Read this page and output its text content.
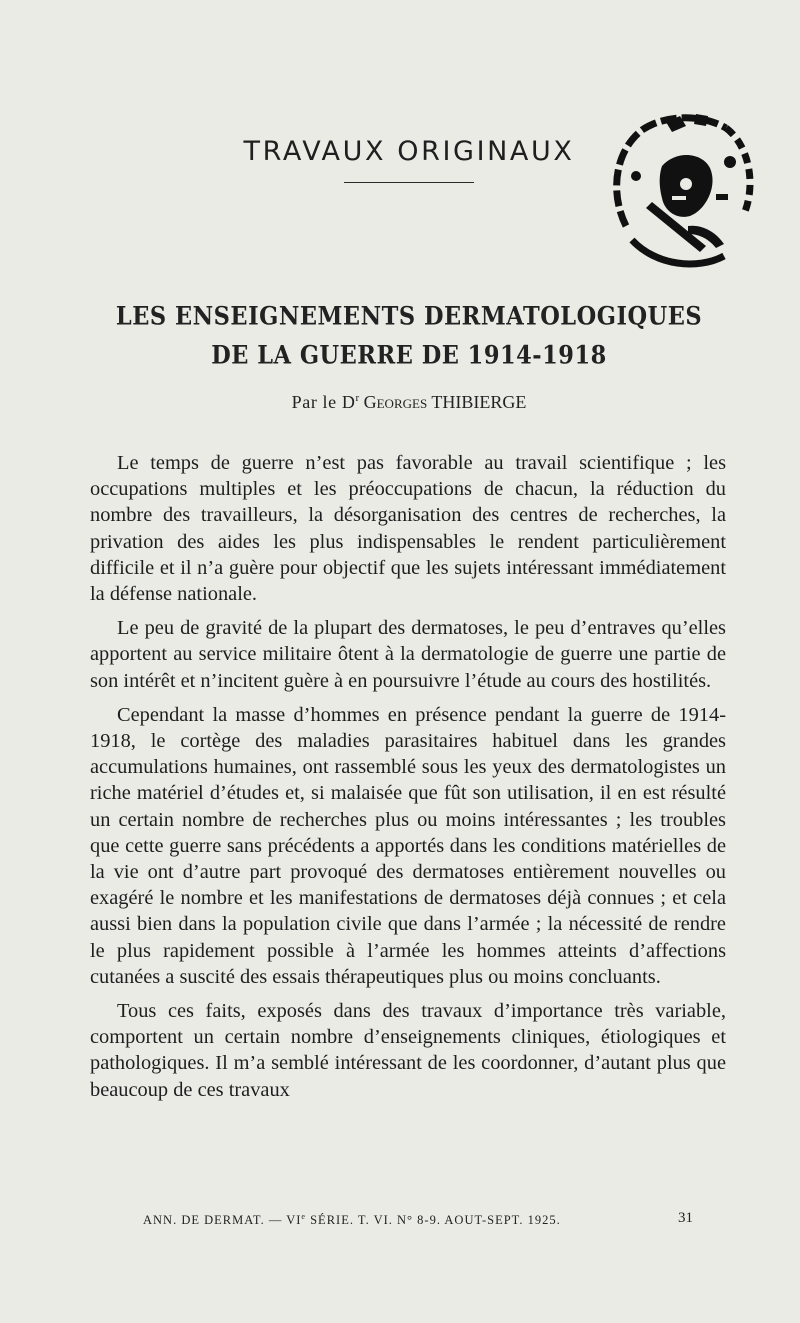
TRAVAUX ORIGINAUX
LES ENSEIGNEMENTS DERMATOLOGIQUES
DE LA GUERRE DE 1914-1918
Par le $D^r$ Georges THIBIERGE

Le temps de guerre n’est pas favorable au travail scientifique ; les occupations multiples et les préoccupations de chacun, la réduction du nombre des travailleurs, la désorganisation des centres de recherches, la privation des aides les plus indispensables le rendent particulièrement difficile et il n’a guère pour objectif que les sujets intéressant immédiatement la défense nationale.

Le peu de gravité de la plupart des dermatoses, le peu d’entraves qu’elles apportent au service militaire ôtent à la dermatologie de guerre une partie de son intérêt et n’incitent guère à en poursuivre l’étude au cours des hostilités.

Cependant la masse d’hommes en présence pendant la guerre de 1914-1918, le cortège des maladies parasitaires habituel dans les grandes accumulations humaines, ont rassemblé sous les yeux des dermatologistes un riche matériel d’études et, si malaisée que fût son utilisation, il en est résulté un certain nombre de recherches plus ou moins intéressantes ; les troubles que cette guerre sans précédents a apportés dans les conditions matérielles de la vie ont d’autre part provoqué des dermatoses entièrement nouvelles ou exagéré le nombre et les manifestations de dermatoses déjà connues ; et cela aussi bien dans la population civile que dans l’armée ; la nécessité de rendre le plus rapidement possible à l’armée les hommes atteints d’affections cutanées a suscité des essais thérapeutiques plus ou moins concluants.

Tous ces faits, exposés dans des travaux d’importance très variable, comportent un certain nombre d’enseignements cliniques, étiologiques et pathologiques. Il m’a semblé intéressant de les coordonner, d’autant plus que beaucoup de ces travaux

ANN. DE DERMAT. — VIe SÉRIE. T. VI. N° 8-9. AOUT-SEPT. 1925.	31
